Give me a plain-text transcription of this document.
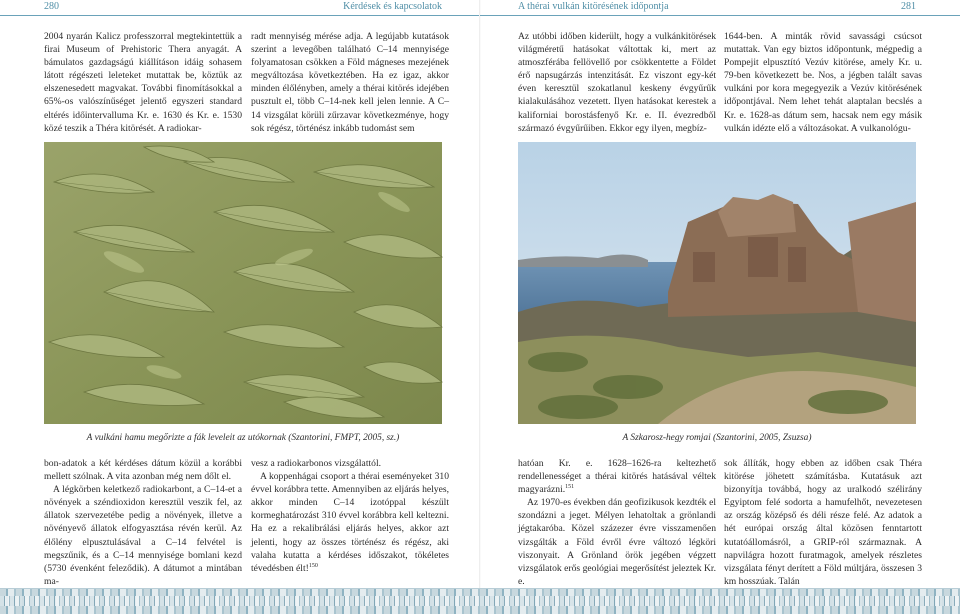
280	Kérdések és kapcsolatok

2004 nyarán Kalicz professzorral megtekintettük a firai Museum of Prehistoric Thera anyagát. A bámulatos gazdagságú kiállításon idáig sohasem látott régészeti leleteket mutattak be, köztük az elszenesedett magvakat. További finomításokkal a 65%-os valószínűséget jelentő egyszeri standard eltérés időintervalluma Kr. e. 1630 és Kr. e. 1530 közé teszik a Théra kitörését. A radiokar-

radt mennyiség mérése adja. A legújabb kutatások szerint a levegőben található C–14 mennyisége folyamatosan csökken a Föld mágneses mezejének megváltozása következtében. Ha ez igaz, akkor minden élőlényben, amely a thérai kitörés idejében pusztult el, több C–14-nek kell jelen lennie. A C–14 vizsgálat körüli zűrzavar következménye, hogy sok régész, történész inkább tudomást sem

A vulkáni hamu megőrizte a fák leveleit az utókornak (Szantorini, FMPT, 2005, sz.)

bon-adatok a két kérdéses dátum közül a korábbi mellett szólnak. A vita azonban még nem dőlt el.

A légkörben keletkező radiokarbont, a C–14-et a növények a széndioxidon keresztül veszik fel, az állatok szervezetébe pedig a növények, illetve a növényevő állatok elfogyasztása révén kerül. Az élőlény elpusztulásával a C–14 felvétel is megszűnik, és a C–14 mennyisége bomlani kezd (5730 évenként feleződik). A dátumot a mintában ma-

vesz a radiokarbonos vizsgálattól.

A koppenhágai csoport a thérai eseményeket 310 évvel korábbra tette. Amennyiben az eljárás helyes, akkor minden C–14 izotóppal készült kormeghatározást 310 évvel korábbra kell keltezni. Ha ez a rekalibrálási eljárás helyes, akkor azt jelenti, hogy az összes történész és régész, aki valaha kutatta a kérdéses időszakot, tökéletes tévedésben élt!$^{150}$

A thérai vulkán kitörésének időpontja	281

Az utóbbi időben kiderült, hogy a vulkánkitörések világméretű hatásokat váltottak ki, mert az atmoszférába fellövellő por csökkentette a Földet érő napsugárzás intenzitását. Ez viszont egy-két éven keresztül szokatlanul keskeny évgyűrűk kialakulásához vezetett. Ilyen hatásokat kerestek a kaliforniai borostásfenyő Kr. e. II. évezredből származó évgyűrűiben. Ekkor egy ilyen, megbíz-

1644-ben. A minták rövid savassági csúcsot mutattak. Van egy biztos időpontunk, mégpedig a Pompejit elpusztító Vezúv kitörése, amely Kr. u. 79-ben következett be. Nos, a jégben talált savas vulkáni por kora megegyezik a Vezúv kitörésének időpontjával. Nem lehet tehát alaptalan becslés a Kr. e. 1628-as dátum sem, hacsak nem egy másik vulkán idézte elő a változásokat. A vulkanológu-

A Szkarosz-hegy romjai (Szantorini, 2005, Zsuzsa)

hatóan Kr. e. 1628–1626-ra keltezhető rendellenességet a thérai kitörés hatásával véltek magyarázni.$^{151}$

Az 1970-es években dán geofizikusok kezdték el szondázni a jeget. Mélyen lehatoltak a grönlandi jégtakaróba. Közel százezer évre visszamenően vizsgálták a Föld évről évre változó légköri viszonyait. A Grönland örök jegében végzett vizsgálatok erős geológiai megerősítést jeleztek Kr. e.

sok állíták, hogy ebben az időben csak Théra kitörése jöhetett számításba. Kutatásuk azt bizonyítja továbbá, hogy az uralkodó szélirány Egyiptom felé sodorta a hamufelhőt, nevezetesen az ország középső és déli része felé. Az adatok a hét európai ország által közösen fenntartott kutatóállomásról, a GRIP-ról származnak. A napvilágra hozott furatmagok, amelyek részletes vizsgálata fényt derített a Föld múltjára, összesen 3 km hosszúak. Talán
